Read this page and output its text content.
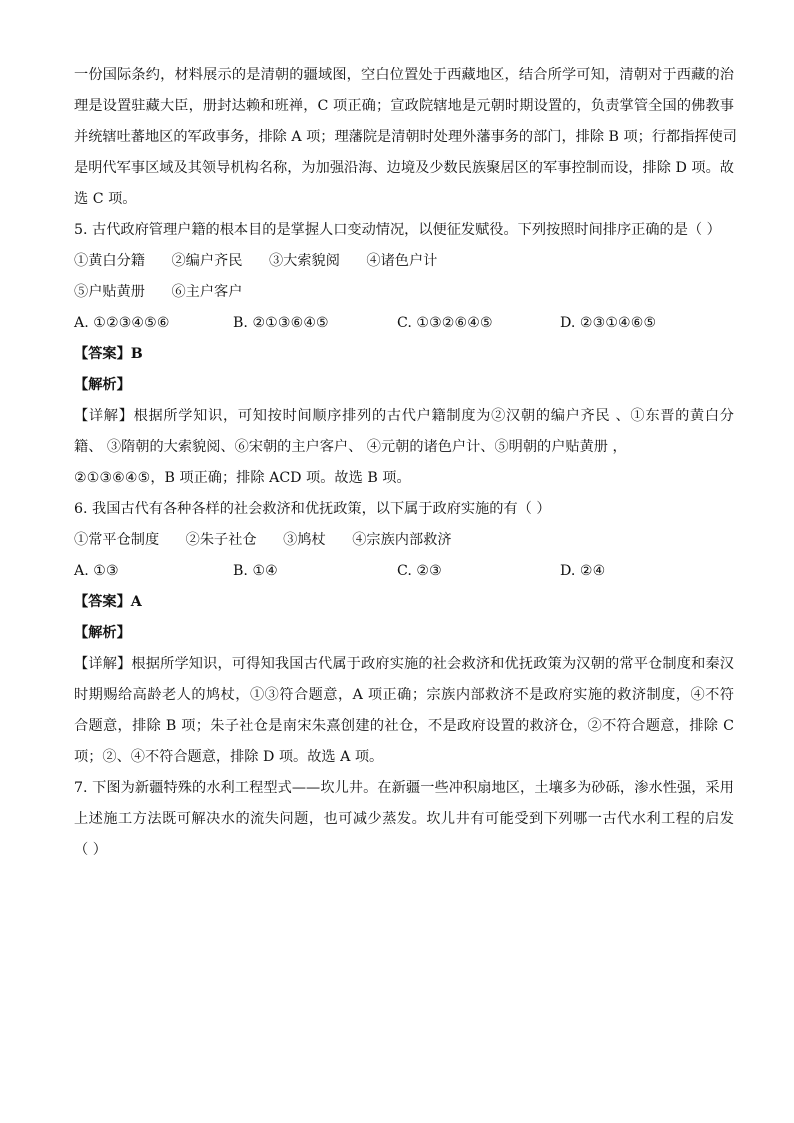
一份国际条约，材料展示的是清朝的疆域图，空白位置处于西藏地区，结合所学可知，清朝对于西藏的治
理是设置驻藏大臣，册封达赖和班禅，C 项正确；宣政院辖地是元朝时期设置的，负责掌管全国的佛教事
并统辖吐蕃地区的军政事务，排除 A 项；理藩院是清朝时处理外藩事务的部门，排除 B 项；行都指挥使司
是明代军事区域及其领导机构名称，为加强沿海、边境及少数民族聚居区的军事控制而设，排除 D 项。故
选 C 项。
5. 古代政府管理户籍的根本目的是掌握人口变动情况，以便征发赋役。下列按照时间排序正确的是（ ）
①黄白分籍 ②编户齐民 ③大索貌阅 ④诸色户计
⑤户贴黄册 ⑥主户客户
A. ①②③④⑤⑥	B. ②①③⑥④⑤	C. ①③②⑥④⑤	D. ②③①④⑥⑤
【答案】B
【解析】
【详解】根据所学知识，可知按时间顺序排列的古代户籍制度为②汉朝的编户齐民 、①东晋的黄白分
籍、 ③隋朝的大索貌阅、⑥宋朝的主户客户、 ④元朝的诸色户计、⑤明朝的户贴黄册 ，
②①③⑥④⑤，B 项正确；排除 ACD 项。故选 B 项。
6. 我国古代有各种各样的社会救济和优抚政策，以下属于政府实施的有（ ）
①常平仓制度 ②朱子社仓 ③鸠杖 ④宗族内部救济
A. ①③	B. ①④	C. ②③	D. ②④
【答案】A
【解析】
【详解】根据所学知识，可得知我国古代属于政府实施的社会救济和优抚政策为汉朝的常平仓制度和秦汉
时期赐给高龄老人的鸠杖，①③符合题意，A 项正确；宗族内部救济不是政府实施的救济制度，④不符
合题意，排除 B 项；朱子社仓是南宋朱熹创建的社仓，不是政府设置的救济仓，②不符合题意，排除 C
项；②、④不符合题意，排除 D 项。故选 A 项。
7. 下图为新疆特殊的水利工程型式——坎儿井。在新疆一些冲积扇地区，土壤多为砂砾，渗水性强，采用
上述施工方法既可解决水的流失问题，也可减少蒸发。坎儿井有可能受到下列哪一古代水利工程的启发
（ ）
